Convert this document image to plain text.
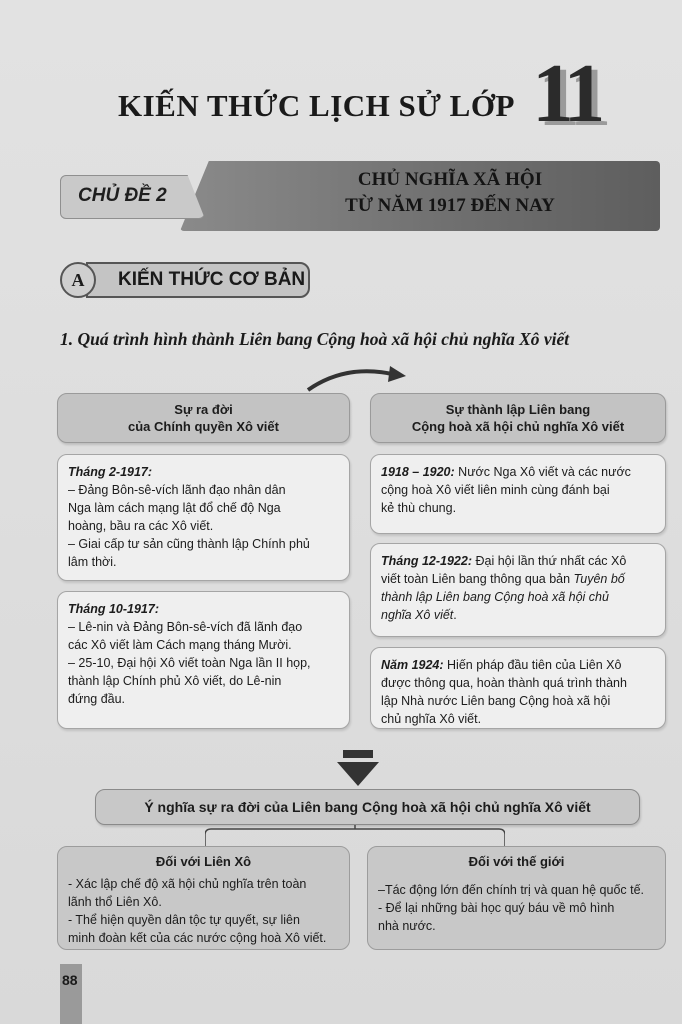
KIẾN THỨC LỊCH SỬ LỚP 11
CHỦ ĐỀ 2
CHỦ NGHĨA XÃ HỘI
TỪ NĂM 1917 ĐẾN NAY
A	KIẾN THỨC CƠ BẢN
1. Quá trình hình thành Liên bang Cộng hoà xã hội chủ nghĩa Xô viết
Sự ra đời
của Chính quyền Xô viết
Tháng 2-1917:
– Đảng Bôn-sê-vích lãnh đạo nhân dân
Nga làm cách mạng lật đổ chế độ Nga
hoàng, bầu ra các Xô viết.
– Giai cấp tư sản cũng thành lập Chính phủ
lâm thời.
Tháng 10-1917:
– Lê-nin và Đảng Bôn-sê-vích đã lãnh đạo
các Xô viết làm Cách mạng tháng Mười.
– 25-10, Đại hội Xô viết toàn Nga lần II họp,
thành lập Chính phủ Xô viết, do Lê-nin
đứng đầu.
Sự thành lập Liên bang
Cộng hoà xã hội chủ nghĩa Xô viết
1918 – 1920: Nước Nga Xô viết và các nước
cộng hoà Xô viết liên minh cùng đánh bại
kẻ thù chung.
Tháng 12-1922: Đại hội lần thứ nhất các Xô
viết toàn Liên bang thông qua bản Tuyên bố
thành lập Liên bang Cộng hoà xã hội chủ
nghĩa Xô viết.
Năm 1924: Hiến pháp đầu tiên của Liên Xô
được thông qua, hoàn thành quá trình thành
lập Nhà nước Liên bang Cộng hoà xã hội
chủ nghĩa Xô viết.
Ý nghĩa sự ra đời của Liên bang Cộng hoà xã hội chủ nghĩa Xô viết
Đối với Liên Xô
- Xác lập chế độ xã hội chủ nghĩa trên toàn
lãnh thổ Liên Xô.
- Thể hiện quyền dân tộc tự quyết, sự liên
minh đoàn kết của các nước cộng hoà Xô viết.
Đối với thế giới
–Tác động lớn đến chính trị và quan hệ quốc tế.
- Để lại những bài học quý báu về mô hình
nhà nước.
88
